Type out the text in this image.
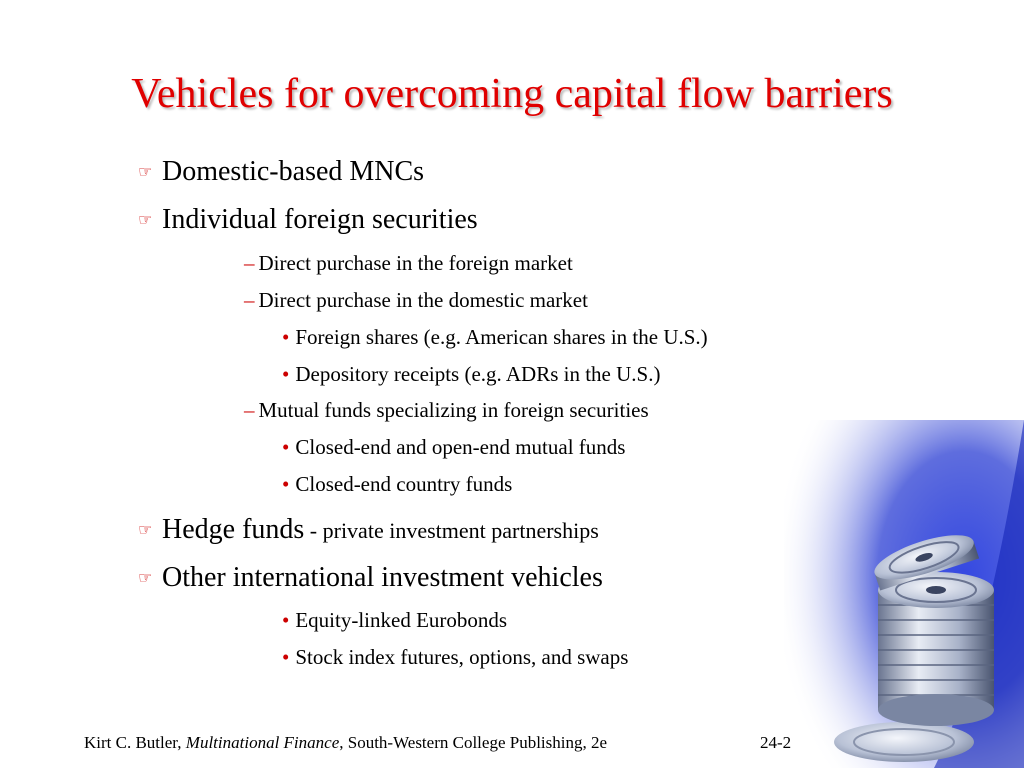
Vehicles for overcoming capital flow barriers
☞ Domestic-based MNCs
☞ Individual foreign securities
– Direct purchase in the foreign market
– Direct purchase in the domestic market
• Foreign shares (e.g. American shares in the U.S.)
• Depository receipts (e.g. ADRs in the U.S.)
– Mutual funds specializing in foreign securities
• Closed-end and open-end mutual funds
• Closed-end country funds
☞ Hedge funds - private investment partnerships
☞ Other international investment vehicles
• Equity-linked Eurobonds
• Stock index futures, options, and swaps
Kirt C. Butler, Multinational Finance, South-Western College Publishing, 2e	24-2
